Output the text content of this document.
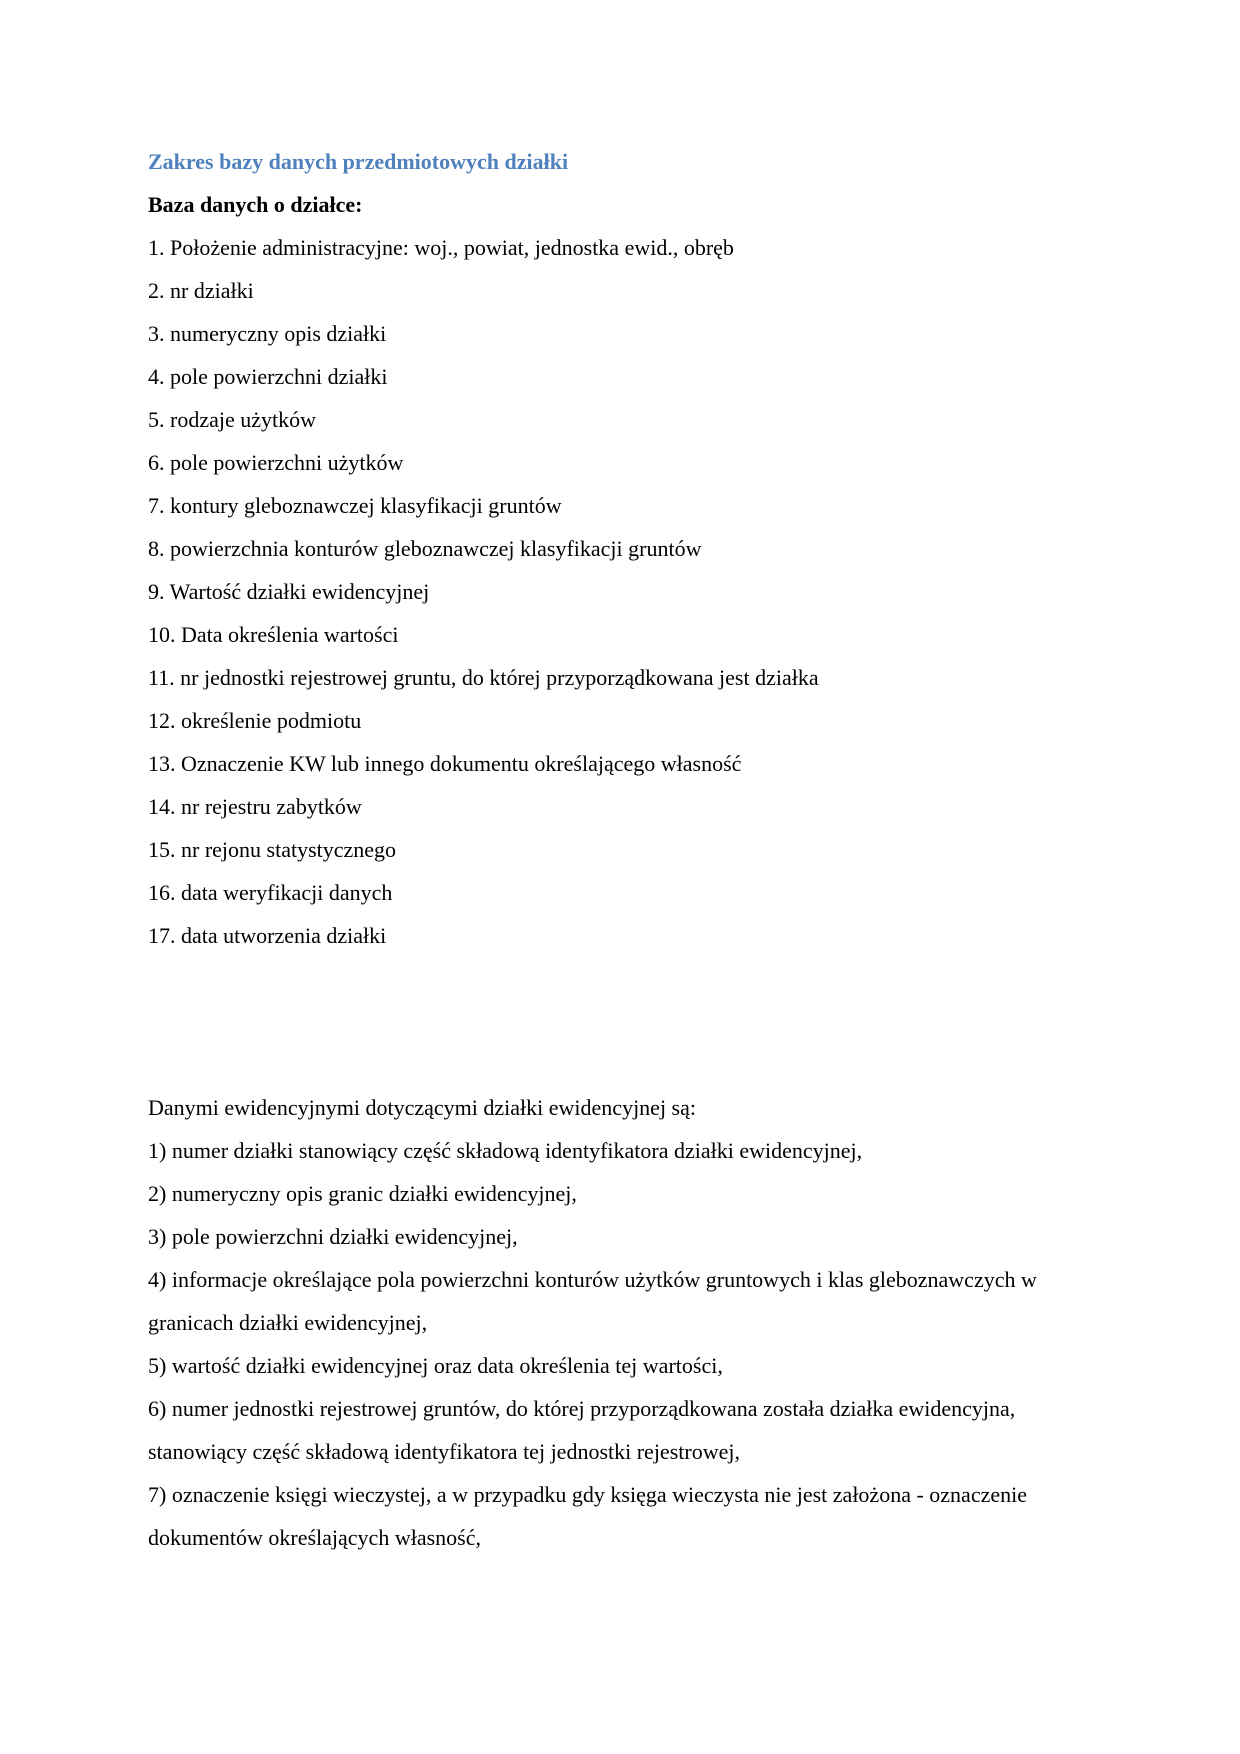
Zakres bazy danych przedmiotowych działki
Baza danych o działce:
1. Położenie administracyjne: woj., powiat, jednostka ewid., obręb
2. nr działki
3. numeryczny opis działki
4. pole powierzchni działki
5. rodzaje użytków
6. pole powierzchni użytków
7. kontury gleboznawczej klasyfikacji gruntów
8. powierzchnia konturów gleboznawczej klasyfikacji gruntów
9. Wartość działki ewidencyjnej
10. Data określenia wartości
11. nr jednostki rejestrowej gruntu, do której przyporządkowana jest działka
12. określenie podmiotu
13. Oznaczenie KW lub innego dokumentu określającego własność
14. nr rejestru zabytków
15. nr rejonu statystycznego
16. data weryfikacji danych
17. data utworzenia działki

Danymi ewidencyjnymi dotyczącymi działki ewidencyjnej są:

1) numer działki stanowiący część składową identyfikatora działki ewidencyjnej,
2) numeryczny opis granic działki ewidencyjnej,
3) pole powierzchni działki ewidencyjnej,
4) informacje określające pola powierzchni konturów użytków gruntowych i klas gleboznawczych w granicach działki ewidencyjnej,
5) wartość działki ewidencyjnej oraz data określenia tej wartości,
6) numer jednostki rejestrowej gruntów, do której przyporządkowana została działka ewidencyjna, stanowiący część składową identyfikatora tej jednostki rejestrowej,
7) oznaczenie księgi wieczystej, a w przypadku gdy księga wieczysta nie jest założona - oznaczenie dokumentów określających własność,
